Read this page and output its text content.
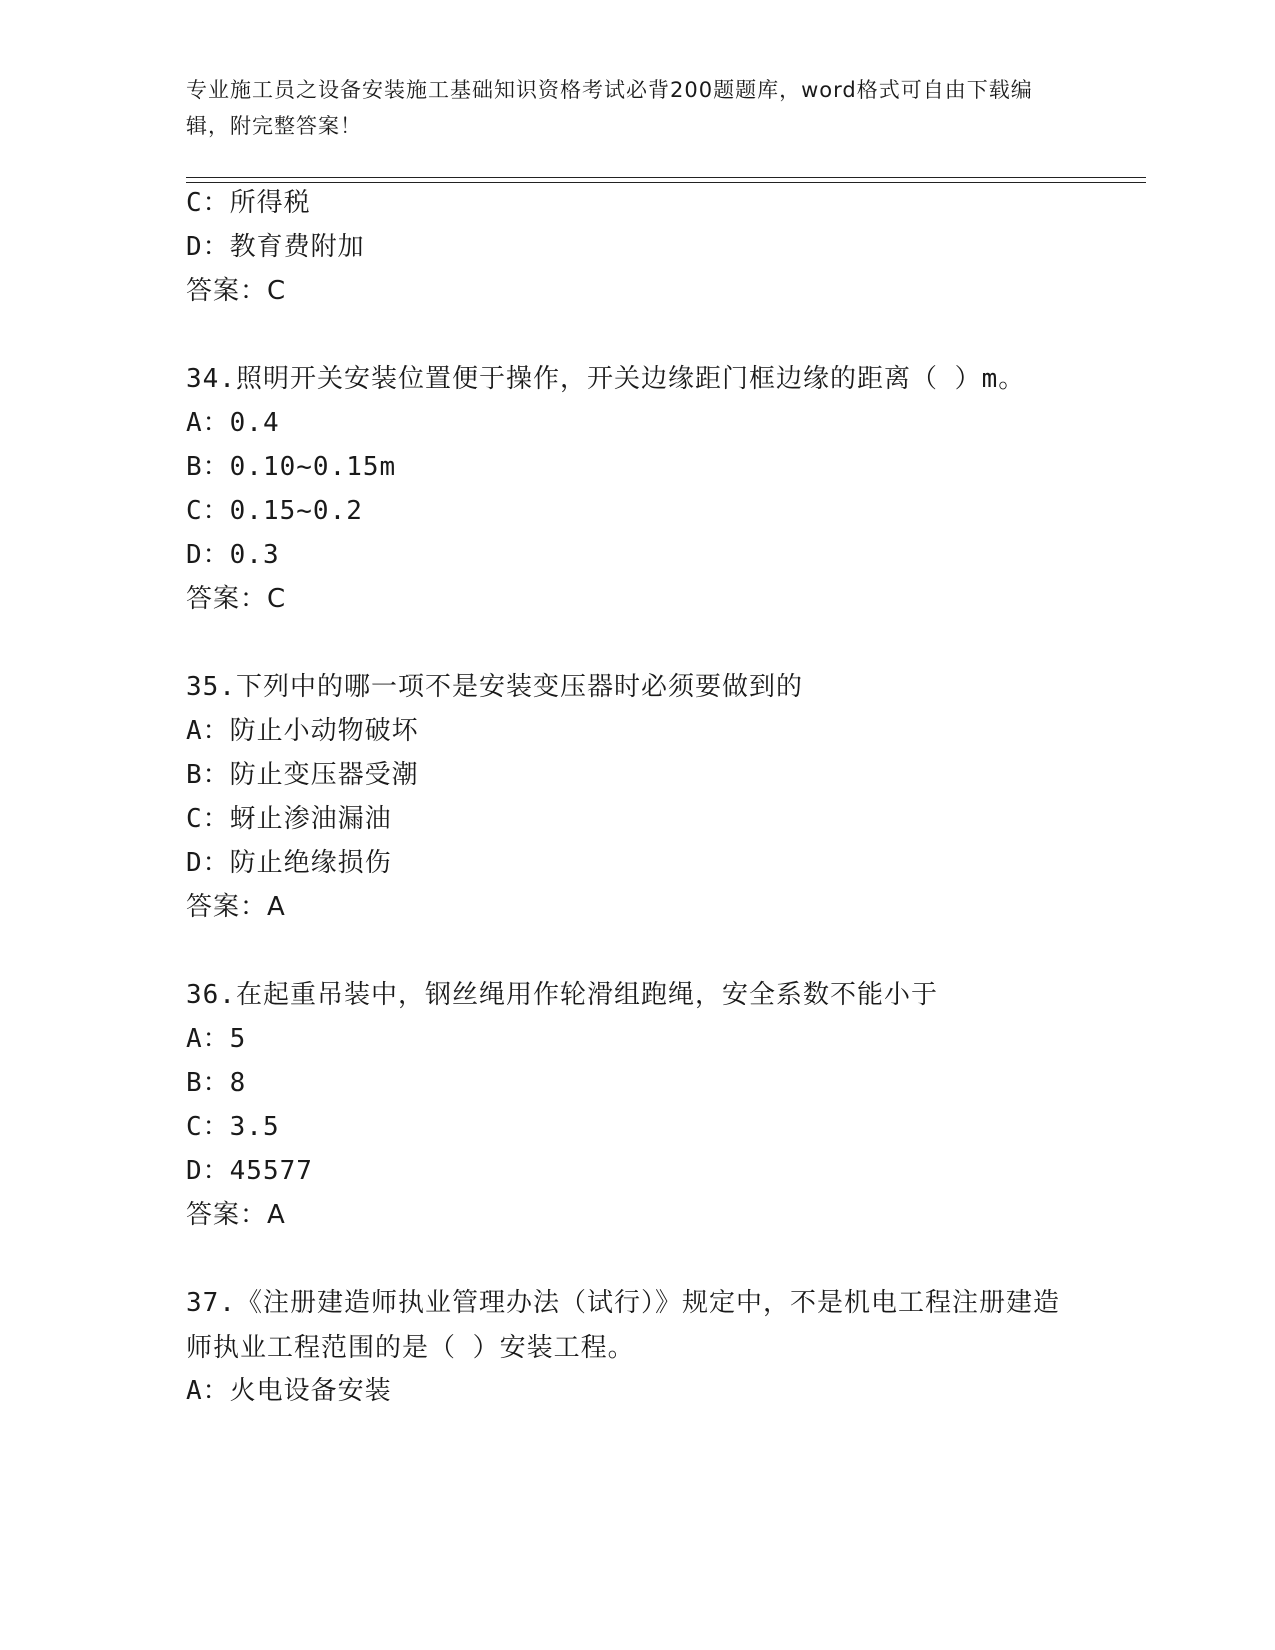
专业施工员之设备安装施工基础知识资格考试必背200题题库，word格式可自由下载编辑，附完整答案！
C：所得税
D：教育费附加
答案：C
34.照明开关安装位置便于操作，开关边缘距门框边缘的距离（ ）m。
A：0.4
B：0.10~0.15m
C：0.15~0.2
D：0.3
答案：C
35.下列中的哪一项不是安装变压器时必须要做到的
A：防止小动物破坏
B：防止变压器受潮
C：蚜止渗油漏油
D：防止绝缘损伤
答案：A
36.在起重吊装中，钢丝绳用作轮滑组跑绳，安全系数不能小于
A：5
B：8
C：3.5
D：45577
答案：A
37.《注册建造师执业管理办法（试行）》规定中，不是机电工程注册建造师执业工程范围的是（ ）安装工程。
A：火电设备安装
